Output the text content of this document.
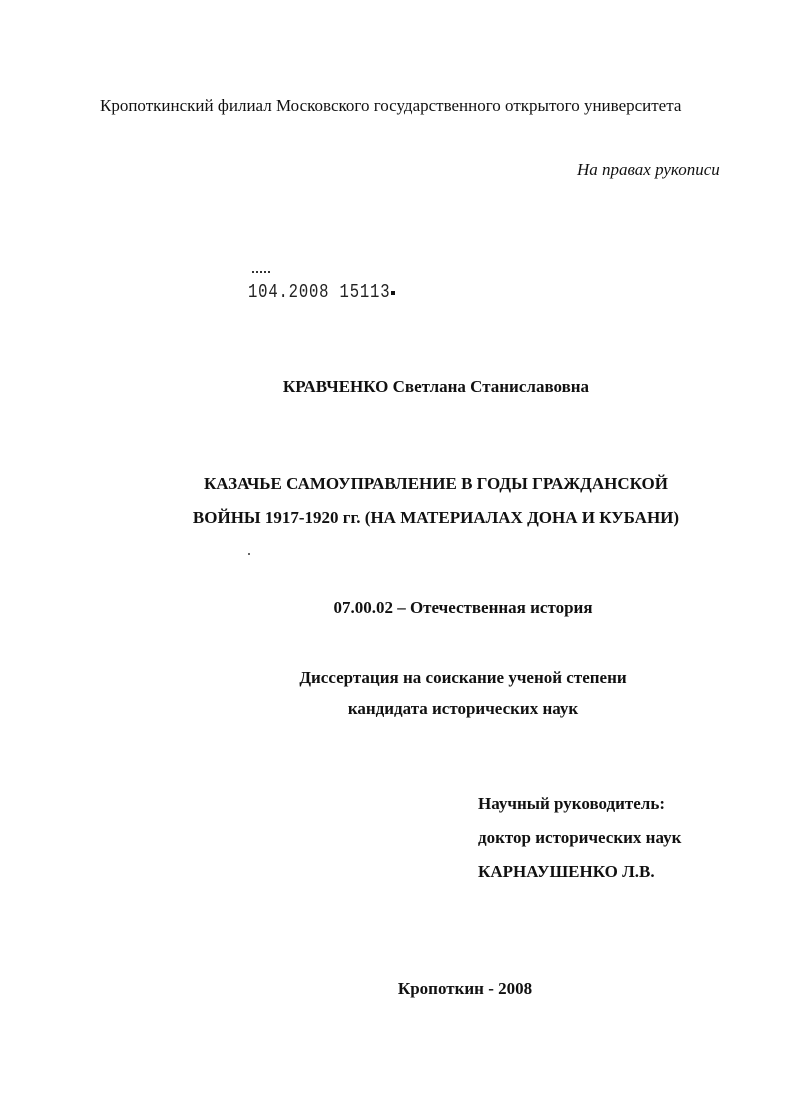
Кропоткинский филиал Московского государственного открытого университета
На правах рукописи
104.2008 15113
КРАВЧЕНКО Светлана Станиславовна
КАЗАЧЬЕ САМОУПРАВЛЕНИЕ В ГОДЫ ГРАЖДАНСКОЙ
ВОЙНЫ 1917-1920 гг. (НА МАТЕРИАЛАХ ДОНА И КУБАНИ)
07.00.02 – Отечественная история
Диссертация на соискание ученой степени
кандидата исторических наук
Научный руководитель:
доктор исторических наук
КАРНАУШЕНКО Л.В.
Кропоткин - 2008
